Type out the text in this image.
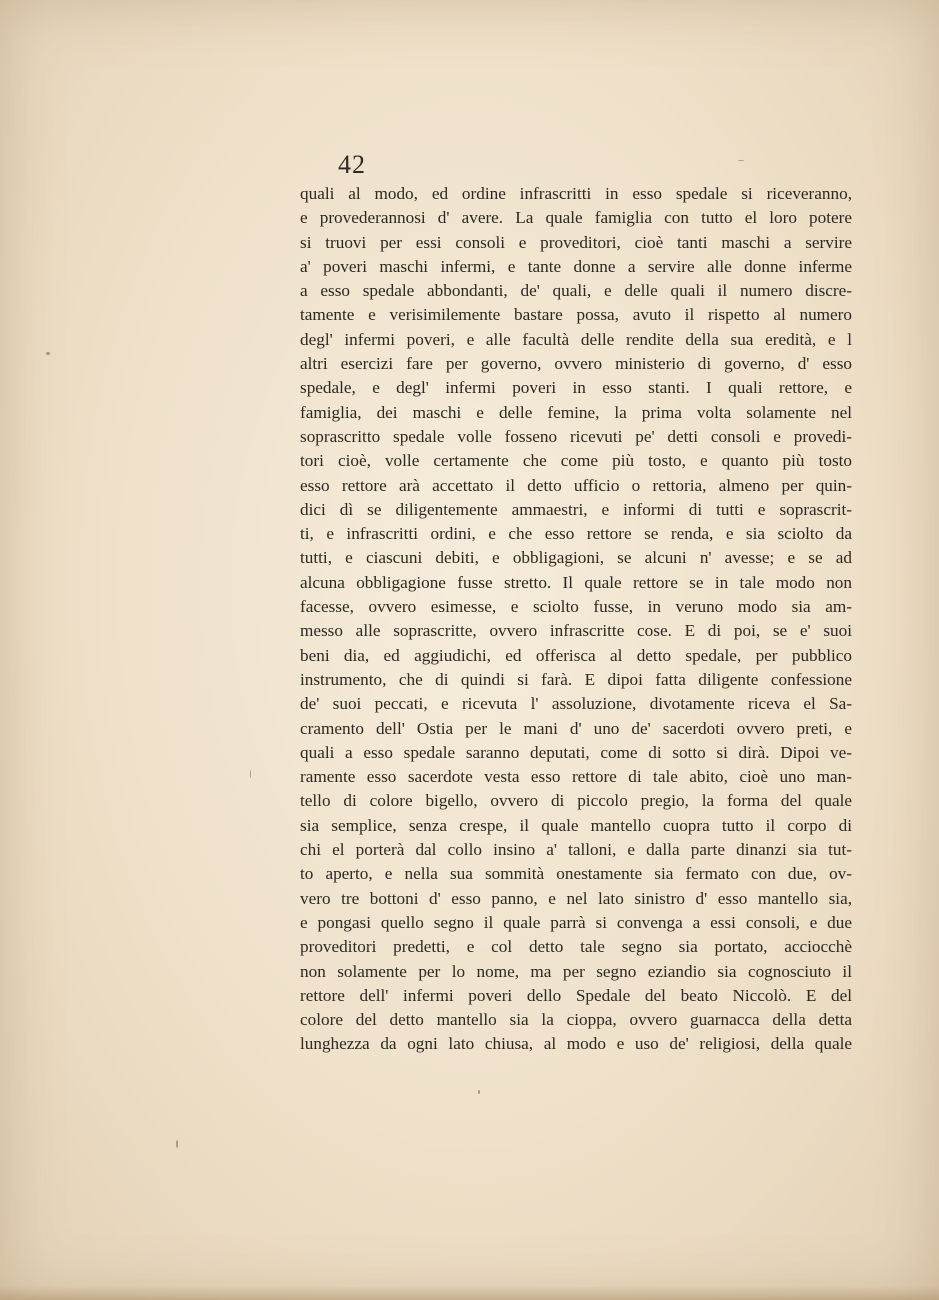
42
quali al modo, ed ordine infrascritti in esso spedale si riceveranno,
e provederannosi d' avere. La quale famiglia con tutto el loro potere
si truovi per essi consoli e proveditori, cioè tanti maschi a servire
a' poveri maschi infermi, e tante donne a servire alle donne inferme
a esso spedale abbondanti, de' quali, e delle quali il numero discre-
tamente e verisimilemente bastare possa, avuto il rispetto al numero
degl' infermi poveri, e alle facultà delle rendite della sua eredità, e l
altri esercizi fare per governo, ovvero ministerio di governo, d' esso
spedale, e degl' infermi poveri in esso stanti. I quali rettore, e
famiglia, dei maschi e delle femine, la prima volta solamente nel
soprascritto spedale volle fosseno ricevuti pe' detti consoli e provedi-
tori cioè, volle certamente che come più tosto, e quanto più tosto
esso rettore arà accettato il detto ufficio o rettoria, almeno per quin-
dici dì se diligentemente ammaestri, e informi di tutti e soprascrit-
ti, e infrascritti ordini, e che esso rettore se renda, e sia sciolto da
tutti, e ciascuni debiti, e obbligagioni, se alcuni n' avesse; e se ad
alcuna obbligagione fusse stretto. Il quale rettore se in tale modo non
facesse, ovvero esimesse, e sciolto fusse, in veruno modo sia am-
messo alle soprascritte, ovvero infrascritte cose. E di poi, se e' suoi
beni dia, ed aggiudichi, ed offerisca al detto spedale, per pubblico
instrumento, che di quindi si farà. E dipoi fatta diligente confessione
de' suoi peccati, e ricevuta l' assoluzione, divotamente riceva el Sa-
cramento dell' Ostia per le mani d' uno de' sacerdoti ovvero preti, e
quali a esso spedale saranno deputati, come di sotto si dirà. Dipoi ve-
ramente esso sacerdote vesta esso rettore di tale abito, cioè uno man-
tello di colore bigello, ovvero di piccolo pregio, la forma del quale
sia semplice, senza crespe, il quale mantello cuopra tutto il corpo di
chi el porterà dal collo insino a' talloni, e dalla parte dinanzi sia tut-
to aperto, e nella sua sommità onestamente sia fermato con due, ov-
vero tre bottoni d' esso panno, e nel lato sinistro d' esso mantello sia,
e pongasi quello segno il quale parrà si convenga a essi consoli, e due
proveditori predetti, e col detto tale segno sia portato, acciocchè
non solamente per lo nome, ma per segno eziandio sia cognosciuto il
rettore dell' infermi poveri dello Spedale del beato Niccolò. E del
colore del detto mantello sia la cioppa, ovvero guarnacca della detta
lunghezza da ogni lato chiusa, al modo e uso de' religiosi, della quale
